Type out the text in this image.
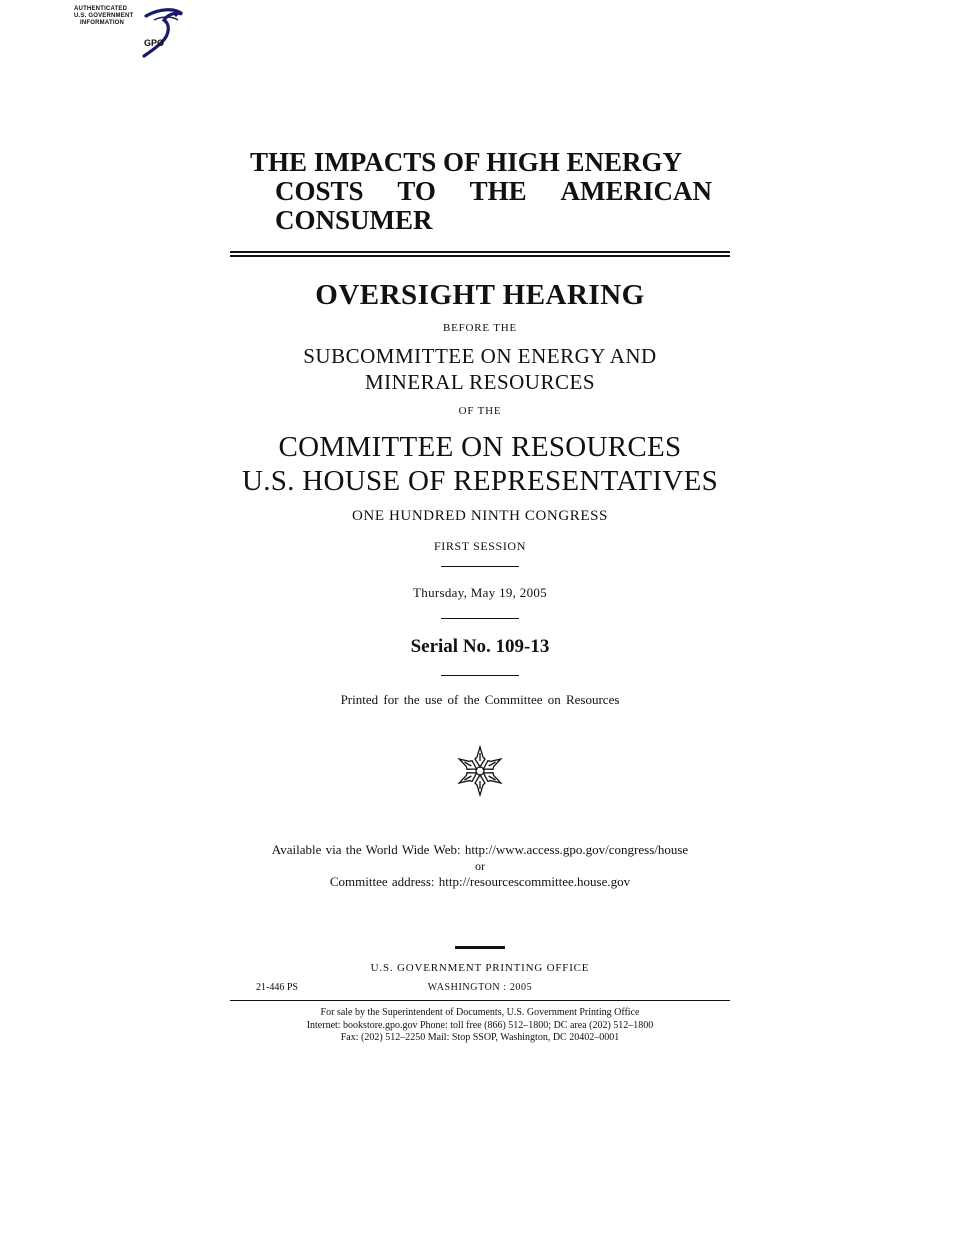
AUTHENTICATED
U.S. GOVERNMENT
INFORMATION
GPO
THE IMPACTS OF HIGH ENERGY
COSTS TO THE AMERICAN
CONSUMER
OVERSIGHT HEARING
BEFORE THE
SUBCOMMITTEE ON ENERGY AND
MINERAL RESOURCES
OF THE
COMMITTEE ON RESOURCES
U.S. HOUSE OF REPRESENTATIVES
ONE HUNDRED NINTH CONGRESS
FIRST SESSION
Thursday, May 19, 2005
Serial No. 109-13
Printed for the use of the Committee on Resources
Available via the World Wide Web: http://www.access.gpo.gov/congress/house
or
Committee address: http://resourcescommittee.house.gov
U.S. GOVERNMENT PRINTING OFFICE
WASHINGTON : 2005
21-446 PS
For sale by the Superintendent of Documents, U.S. Government Printing Office
Internet: bookstore.gpo.gov Phone: toll free (866) 512–1800; DC area (202) 512–1800
Fax: (202) 512–2250 Mail: Stop SSOP, Washington, DC 20402–0001
